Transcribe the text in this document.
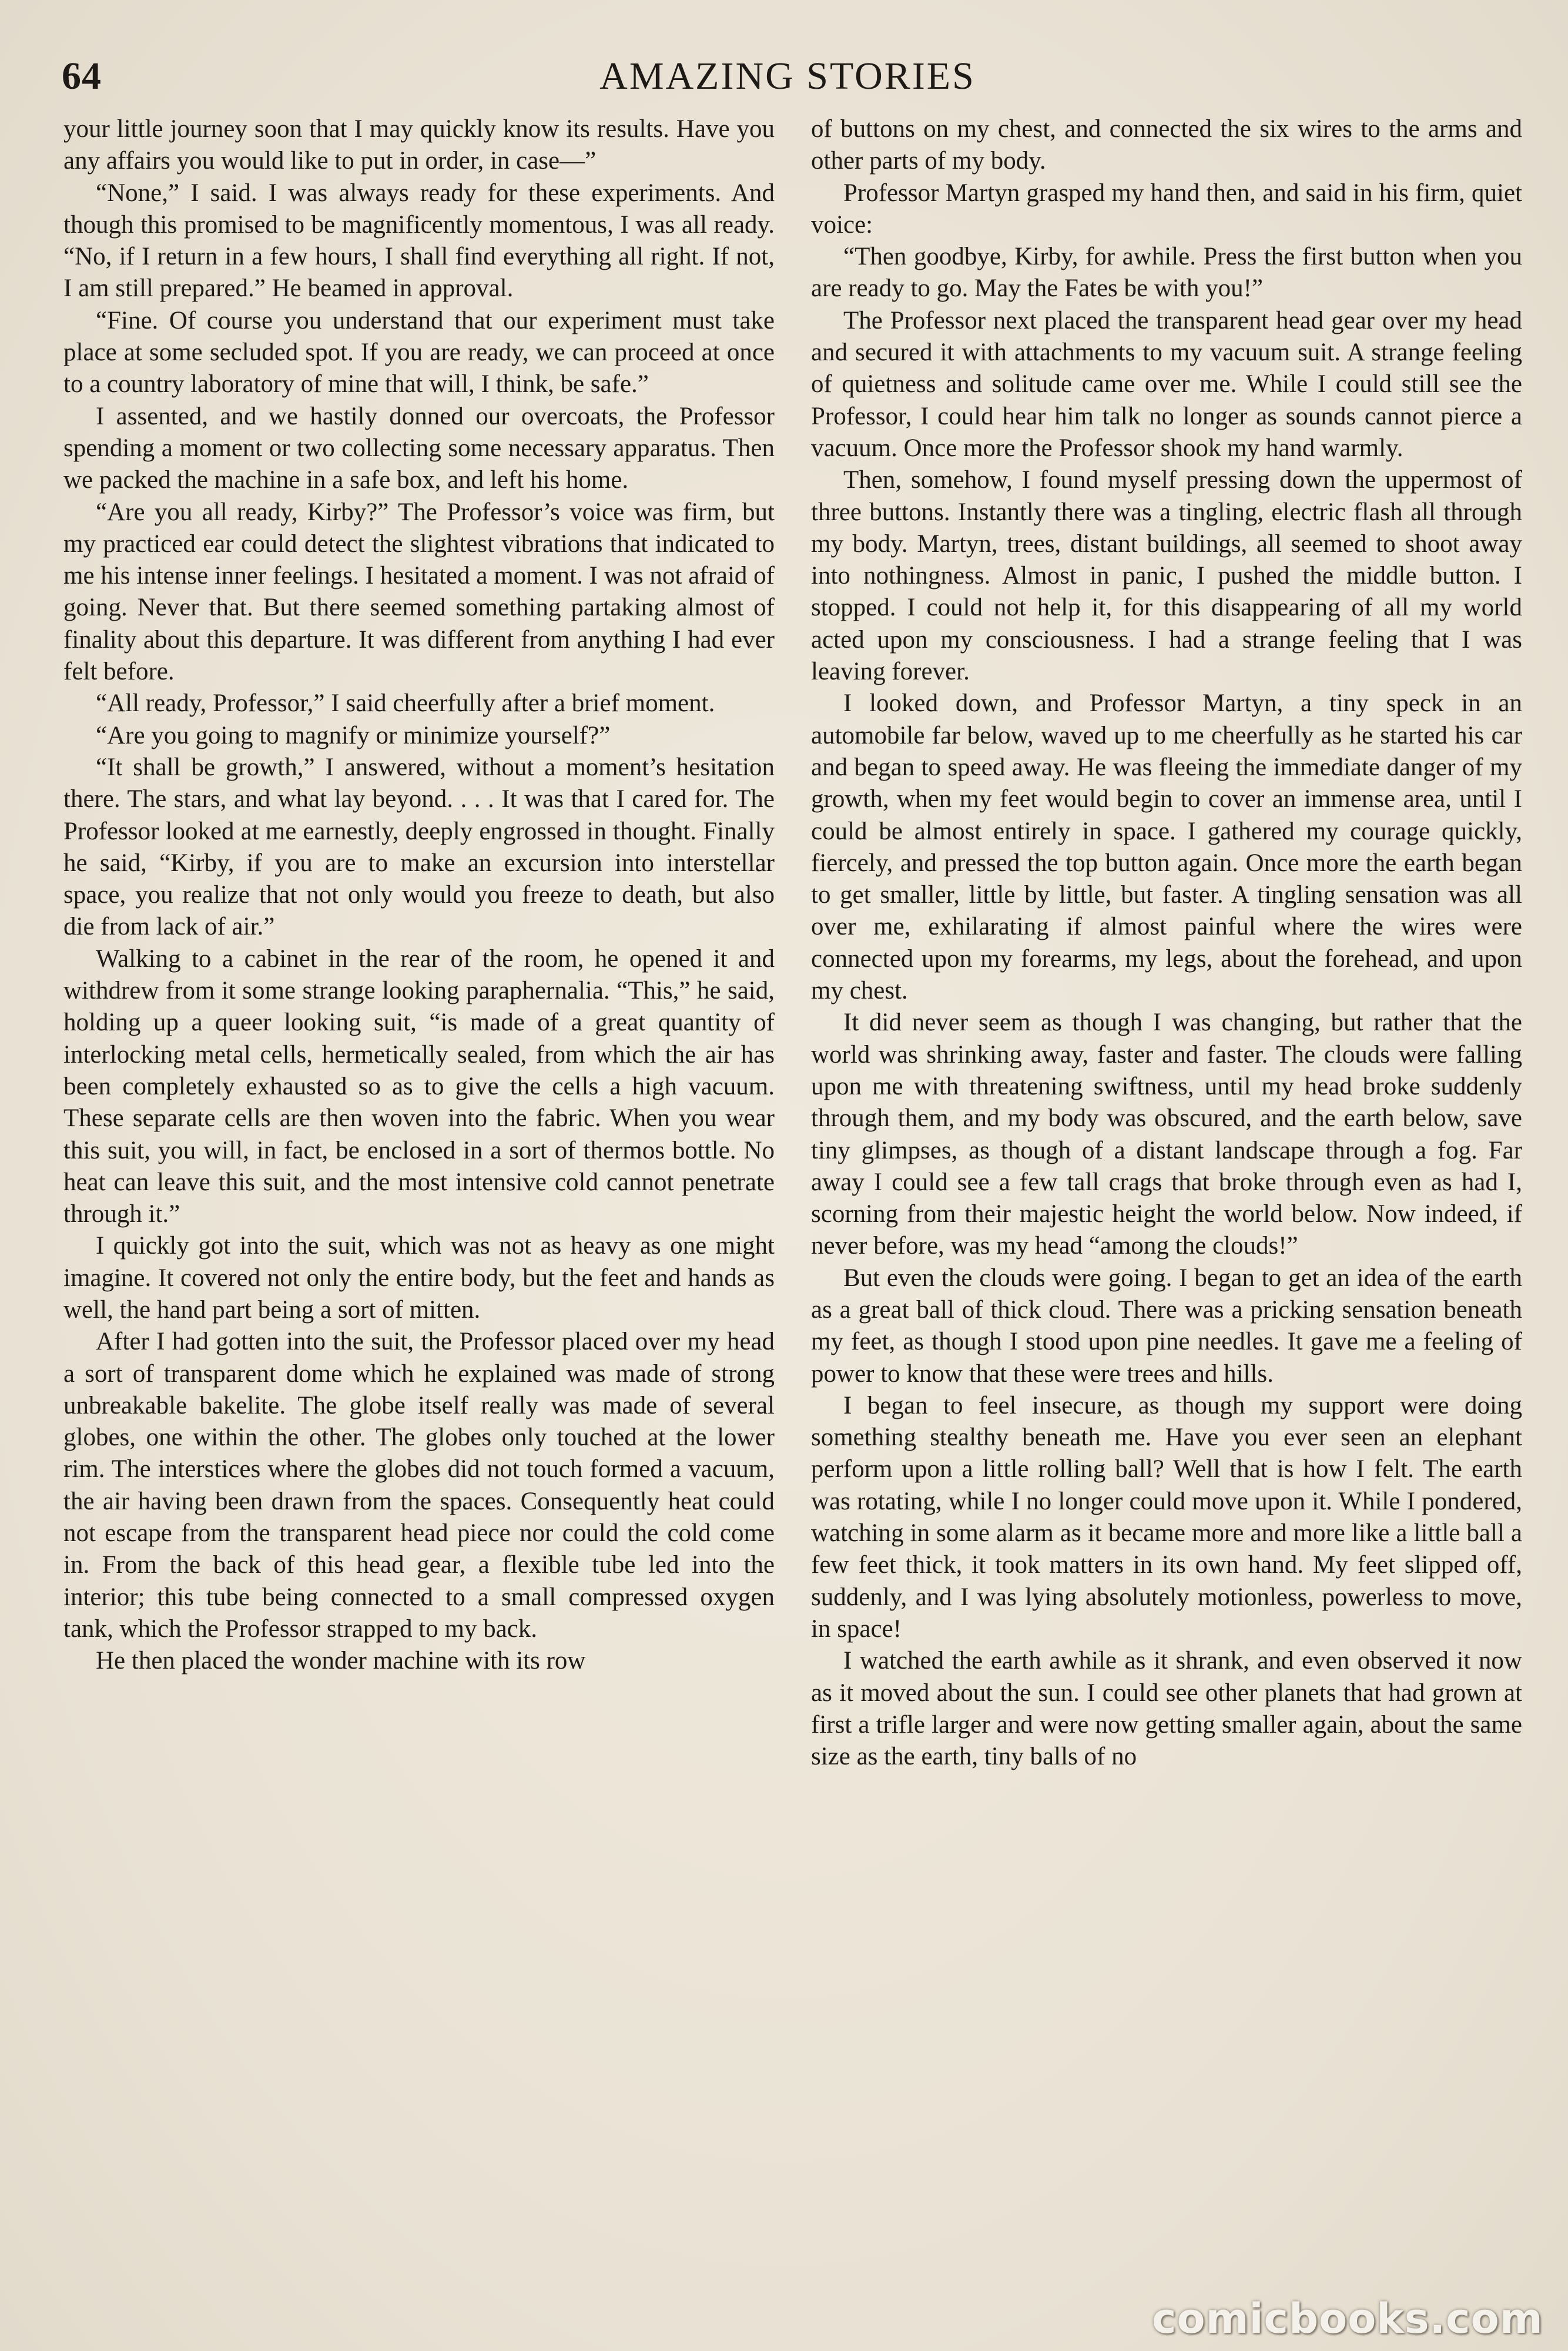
64	AMAZING STORIES

your little journey soon that I may quickly know its results. Have you any affairs you would like to put in order, in case—”

“None,” I said. I was always ready for these experiments. And though this promised to be magnificently momentous, I was all ready. “No, if I return in a few hours, I shall find everything all right. If not, I am still prepared.” He beamed in approval.

“Fine. Of course you understand that our experiment must take place at some secluded spot. If you are ready, we can proceed at once to a country laboratory of mine that will, I think, be safe.”

I assented, and we hastily donned our overcoats, the Professor spending a moment or two collecting some necessary apparatus. Then we packed the machine in a safe box, and left his home.

“Are you all ready, Kirby?” The Professor’s voice was firm, but my practiced ear could detect the slightest vibrations that indicated to me his intense inner feelings. I hesitated a moment. I was not afraid of going. Never that. But there seemed something partaking almost of finality about this departure. It was different from anything I had ever felt before.

“All ready, Professor,” I said cheerfully after a brief moment.

“Are you going to magnify or minimize yourself?”

“It shall be growth,” I answered, without a moment’s hesitation there. The stars, and what lay beyond. . . . It was that I cared for. The Professor looked at me earnestly, deeply engrossed in thought. Finally he said, “Kirby, if you are to make an excursion into interstellar space, you realize that not only would you freeze to death, but also die from lack of air.”

Walking to a cabinet in the rear of the room, he opened it and withdrew from it some strange looking paraphernalia. “This,” he said, holding up a queer looking suit, “is made of a great quantity of interlocking metal cells, hermetically sealed, from which the air has been completely exhausted so as to give the cells a high vacuum. These separate cells are then woven into the fabric. When you wear this suit, you will, in fact, be enclosed in a sort of thermos bottle. No heat can leave this suit, and the most intensive cold cannot penetrate through it.”

I quickly got into the suit, which was not as heavy as one might imagine. It covered not only the entire body, but the feet and hands as well, the hand part being a sort of mitten.

After I had gotten into the suit, the Professor placed over my head a sort of transparent dome which he explained was made of strong unbreakable bakelite. The globe itself really was made of several globes, one within the other. The globes only touched at the lower rim. The interstices where the globes did not touch formed a vacuum, the air having been drawn from the spaces. Consequently heat could not escape from the transparent head piece nor could the cold come in. From the back of this head gear, a flexible tube led into the interior; this tube being connected to a small compressed oxygen tank, which the Professor strapped to my back.

He then placed the wonder machine with its row

of buttons on my chest, and connected the six wires to the arms and other parts of my body.

Professor Martyn grasped my hand then, and said in his firm, quiet voice:

“Then goodbye, Kirby, for awhile. Press the first button when you are ready to go. May the Fates be with you!”

The Professor next placed the transparent head gear over my head and secured it with attachments to my vacuum suit. A strange feeling of quietness and solitude came over me. While I could still see the Professor, I could hear him talk no longer as sounds cannot pierce a vacuum. Once more the Professor shook my hand warmly.

Then, somehow, I found myself pressing down the uppermost of three buttons. Instantly there was a tingling, electric flash all through my body. Martyn, trees, distant buildings, all seemed to shoot away into nothingness. Almost in panic, I pushed the middle button. I stopped. I could not help it, for this disappearing of all my world acted upon my consciousness. I had a strange feeling that I was leaving forever.

I looked down, and Professor Martyn, a tiny speck in an automobile far below, waved up to me cheerfully as he started his car and began to speed away. He was fleeing the immediate danger of my growth, when my feet would begin to cover an immense area, until I could be almost entirely in space. I gathered my courage quickly, fiercely, and pressed the top button again. Once more the earth began to get smaller, little by little, but faster. A tingling sensation was all over me, exhilarating if almost painful where the wires were connected upon my forearms, my legs, about the forehead, and upon my chest.

It did never seem as though I was changing, but rather that the world was shrinking away, faster and faster. The clouds were falling upon me with threatening swiftness, until my head broke suddenly through them, and my body was obscured, and the earth below, save tiny glimpses, as though of a distant landscape through a fog. Far away I could see a few tall crags that broke through even as had I, scorning from their majestic height the world below. Now indeed, if never before, was my head “among the clouds!”

But even the clouds were going. I began to get an idea of the earth as a great ball of thick cloud. There was a pricking sensation beneath my feet, as though I stood upon pine needles. It gave me a feeling of power to know that these were trees and hills.

I began to feel insecure, as though my support were doing something stealthy beneath me. Have you ever seen an elephant perform upon a little rolling ball? Well that is how I felt. The earth was rotating, while I no longer could move upon it. While I pondered, watching in some alarm as it became more and more like a little ball a few feet thick, it took matters in its own hand. My feet slipped off, suddenly, and I was lying absolutely motionless, powerless to move, in space!

I watched the earth awhile as it shrank, and even observed it now as it moved about the sun. I could see other planets that had grown at first a trifle larger and were now getting smaller again, about the same size as the earth, tiny balls of no

comicbooks.com
